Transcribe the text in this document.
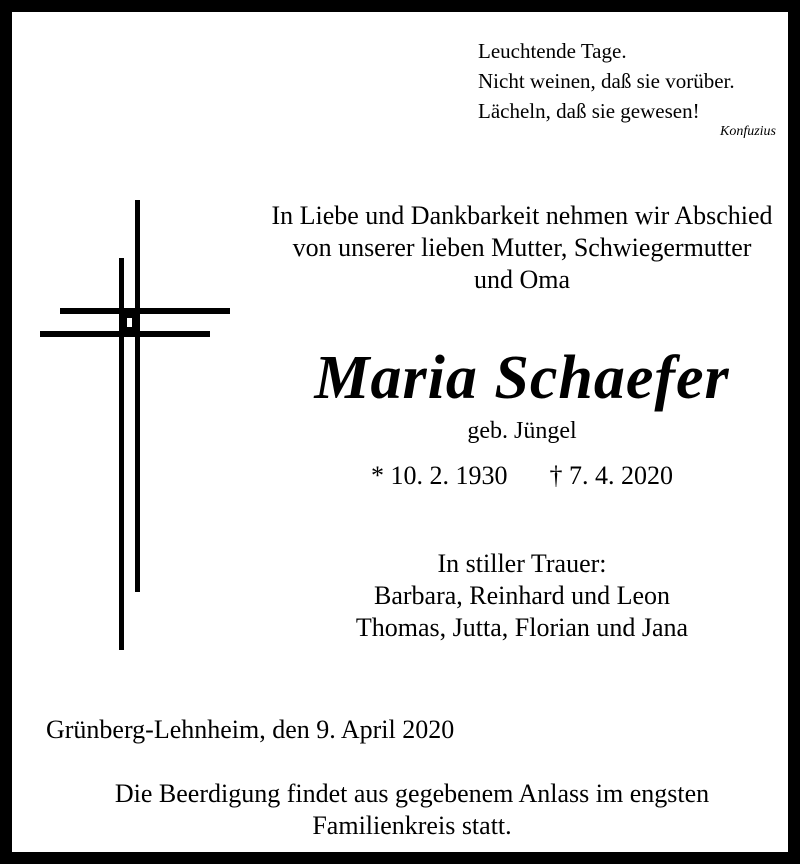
Leuchtende Tage.
Nicht weinen, daß sie vorüber.
Lächeln, daß sie gewesen!
Konfuzius
In Liebe und Dankbarkeit nehmen wir Abschied
von unserer lieben Mutter, Schwiegermutter
und Oma
Maria Schaefer
geb. Jüngel
* 10. 2. 1930 † 7. 4. 2020
In stiller Trauer:
Barbara, Reinhard und Leon
Thomas, Jutta, Florian und Jana
Grünberg-Lehnheim, den 9. April 2020
Die Beerdigung findet aus gegebenem Anlass im engsten
Familienkreis statt.
